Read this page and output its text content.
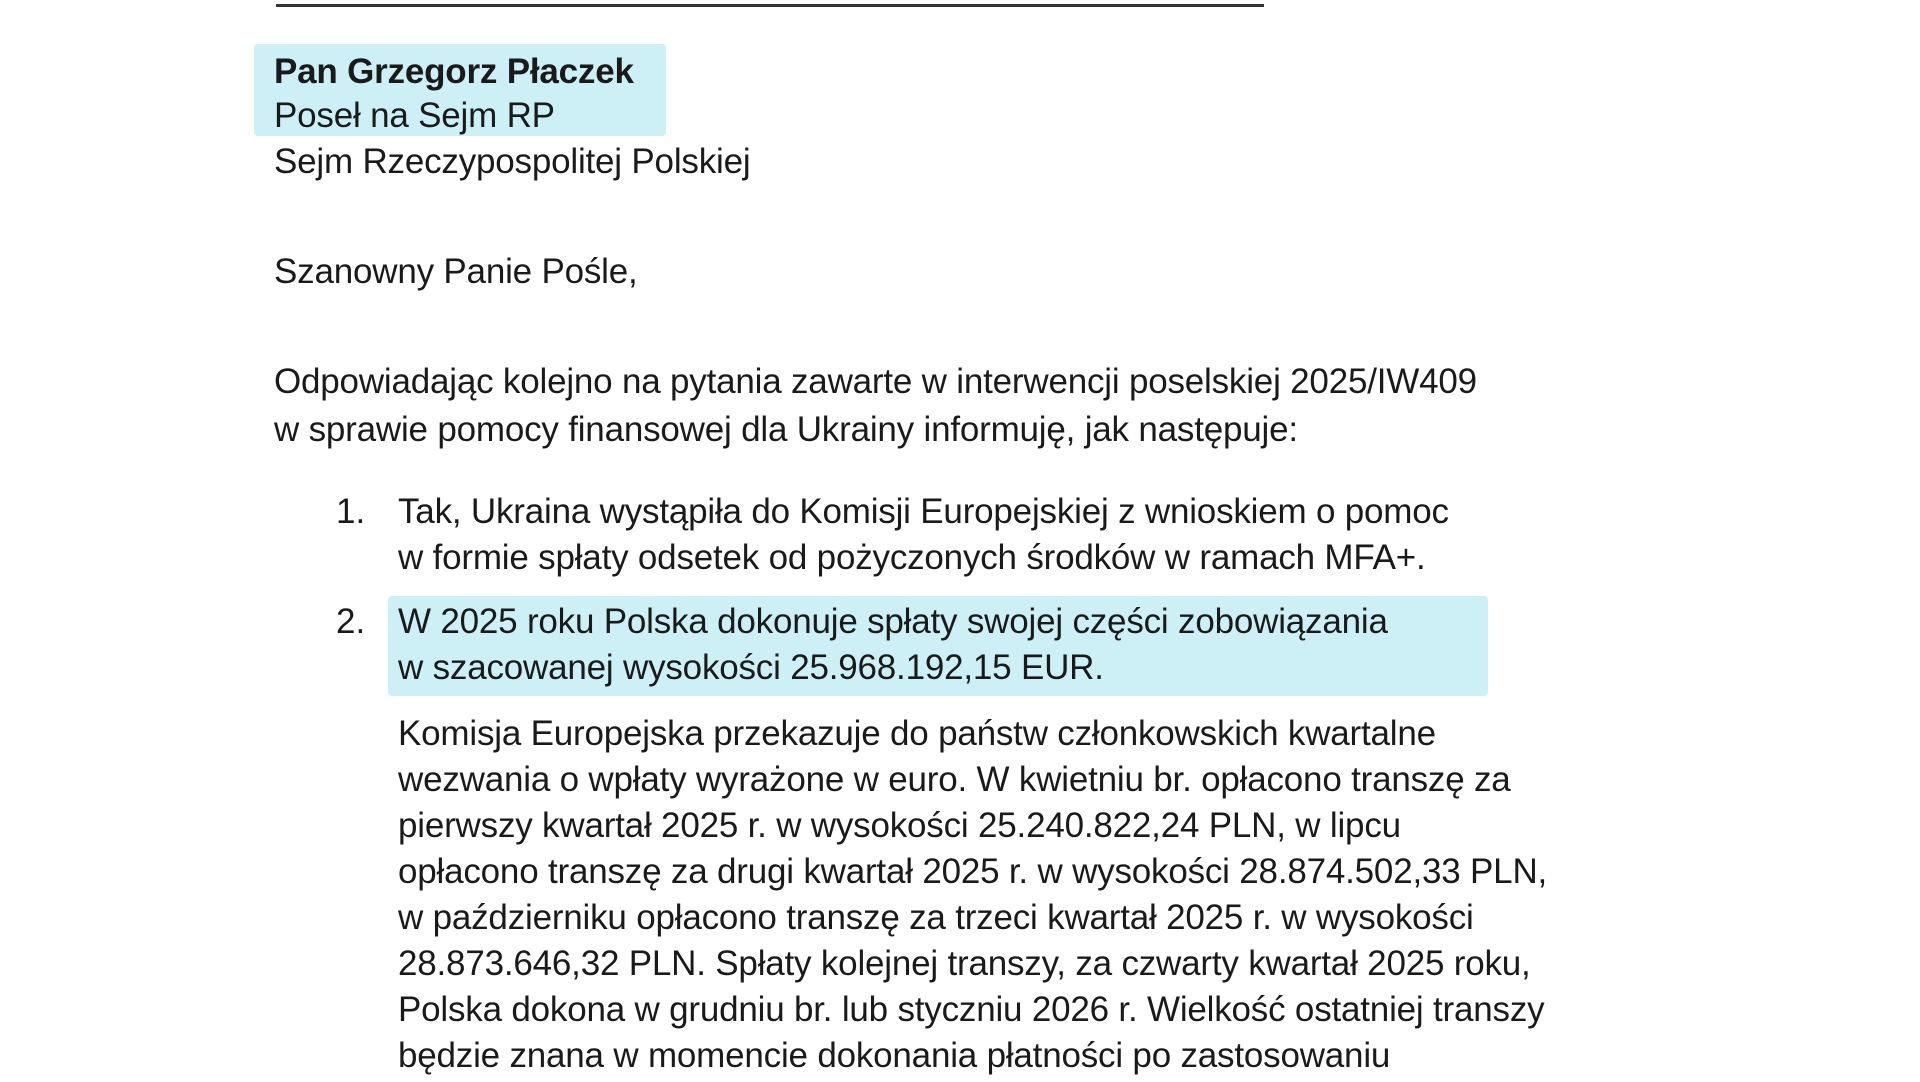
Pan Grzegorz Płaczek
Poseł na Sejm RP
Sejm Rzeczypospolitej Polskiej
Szanowny Panie Pośle,
Odpowiadając kolejno na pytania zawarte w interwencji poselskiej 2025/IW409
w sprawie pomocy finansowej dla Ukrainy informuję, jak następuje:
1. Tak, Ukraina wystąpiła do Komisji Europejskiej z wnioskiem o pomoc
w formie spłaty odsetek od pożyczonych środków w ramach MFA+.
2. W 2025 roku Polska dokonuje spłaty swojej części zobowiązania
w szacowanej wysokości 25.968.192,15 EUR.
Komisja Europejska przekazuje do państw członkowskich kwartalne
wezwania o wpłaty wyrażone w euro. W kwietniu br. opłacono transzę za
pierwszy kwartał 2025 r. w wysokości 25.240.822,24 PLN, w lipcu
opłacono transzę za drugi kwartał 2025 r. w wysokości 28.874.502,33 PLN,
w październiku opłacono transzę za trzeci kwartał 2025 r. w wysokości
28.873.646,32 PLN. Spłaty kolejnej transzy, za czwarty kwartał 2025 roku,
Polska dokona w grudniu br. lub styczniu 2026 r. Wielkość ostatniej transzy
będzie znana w momencie dokonania płatności po zastosowaniu
